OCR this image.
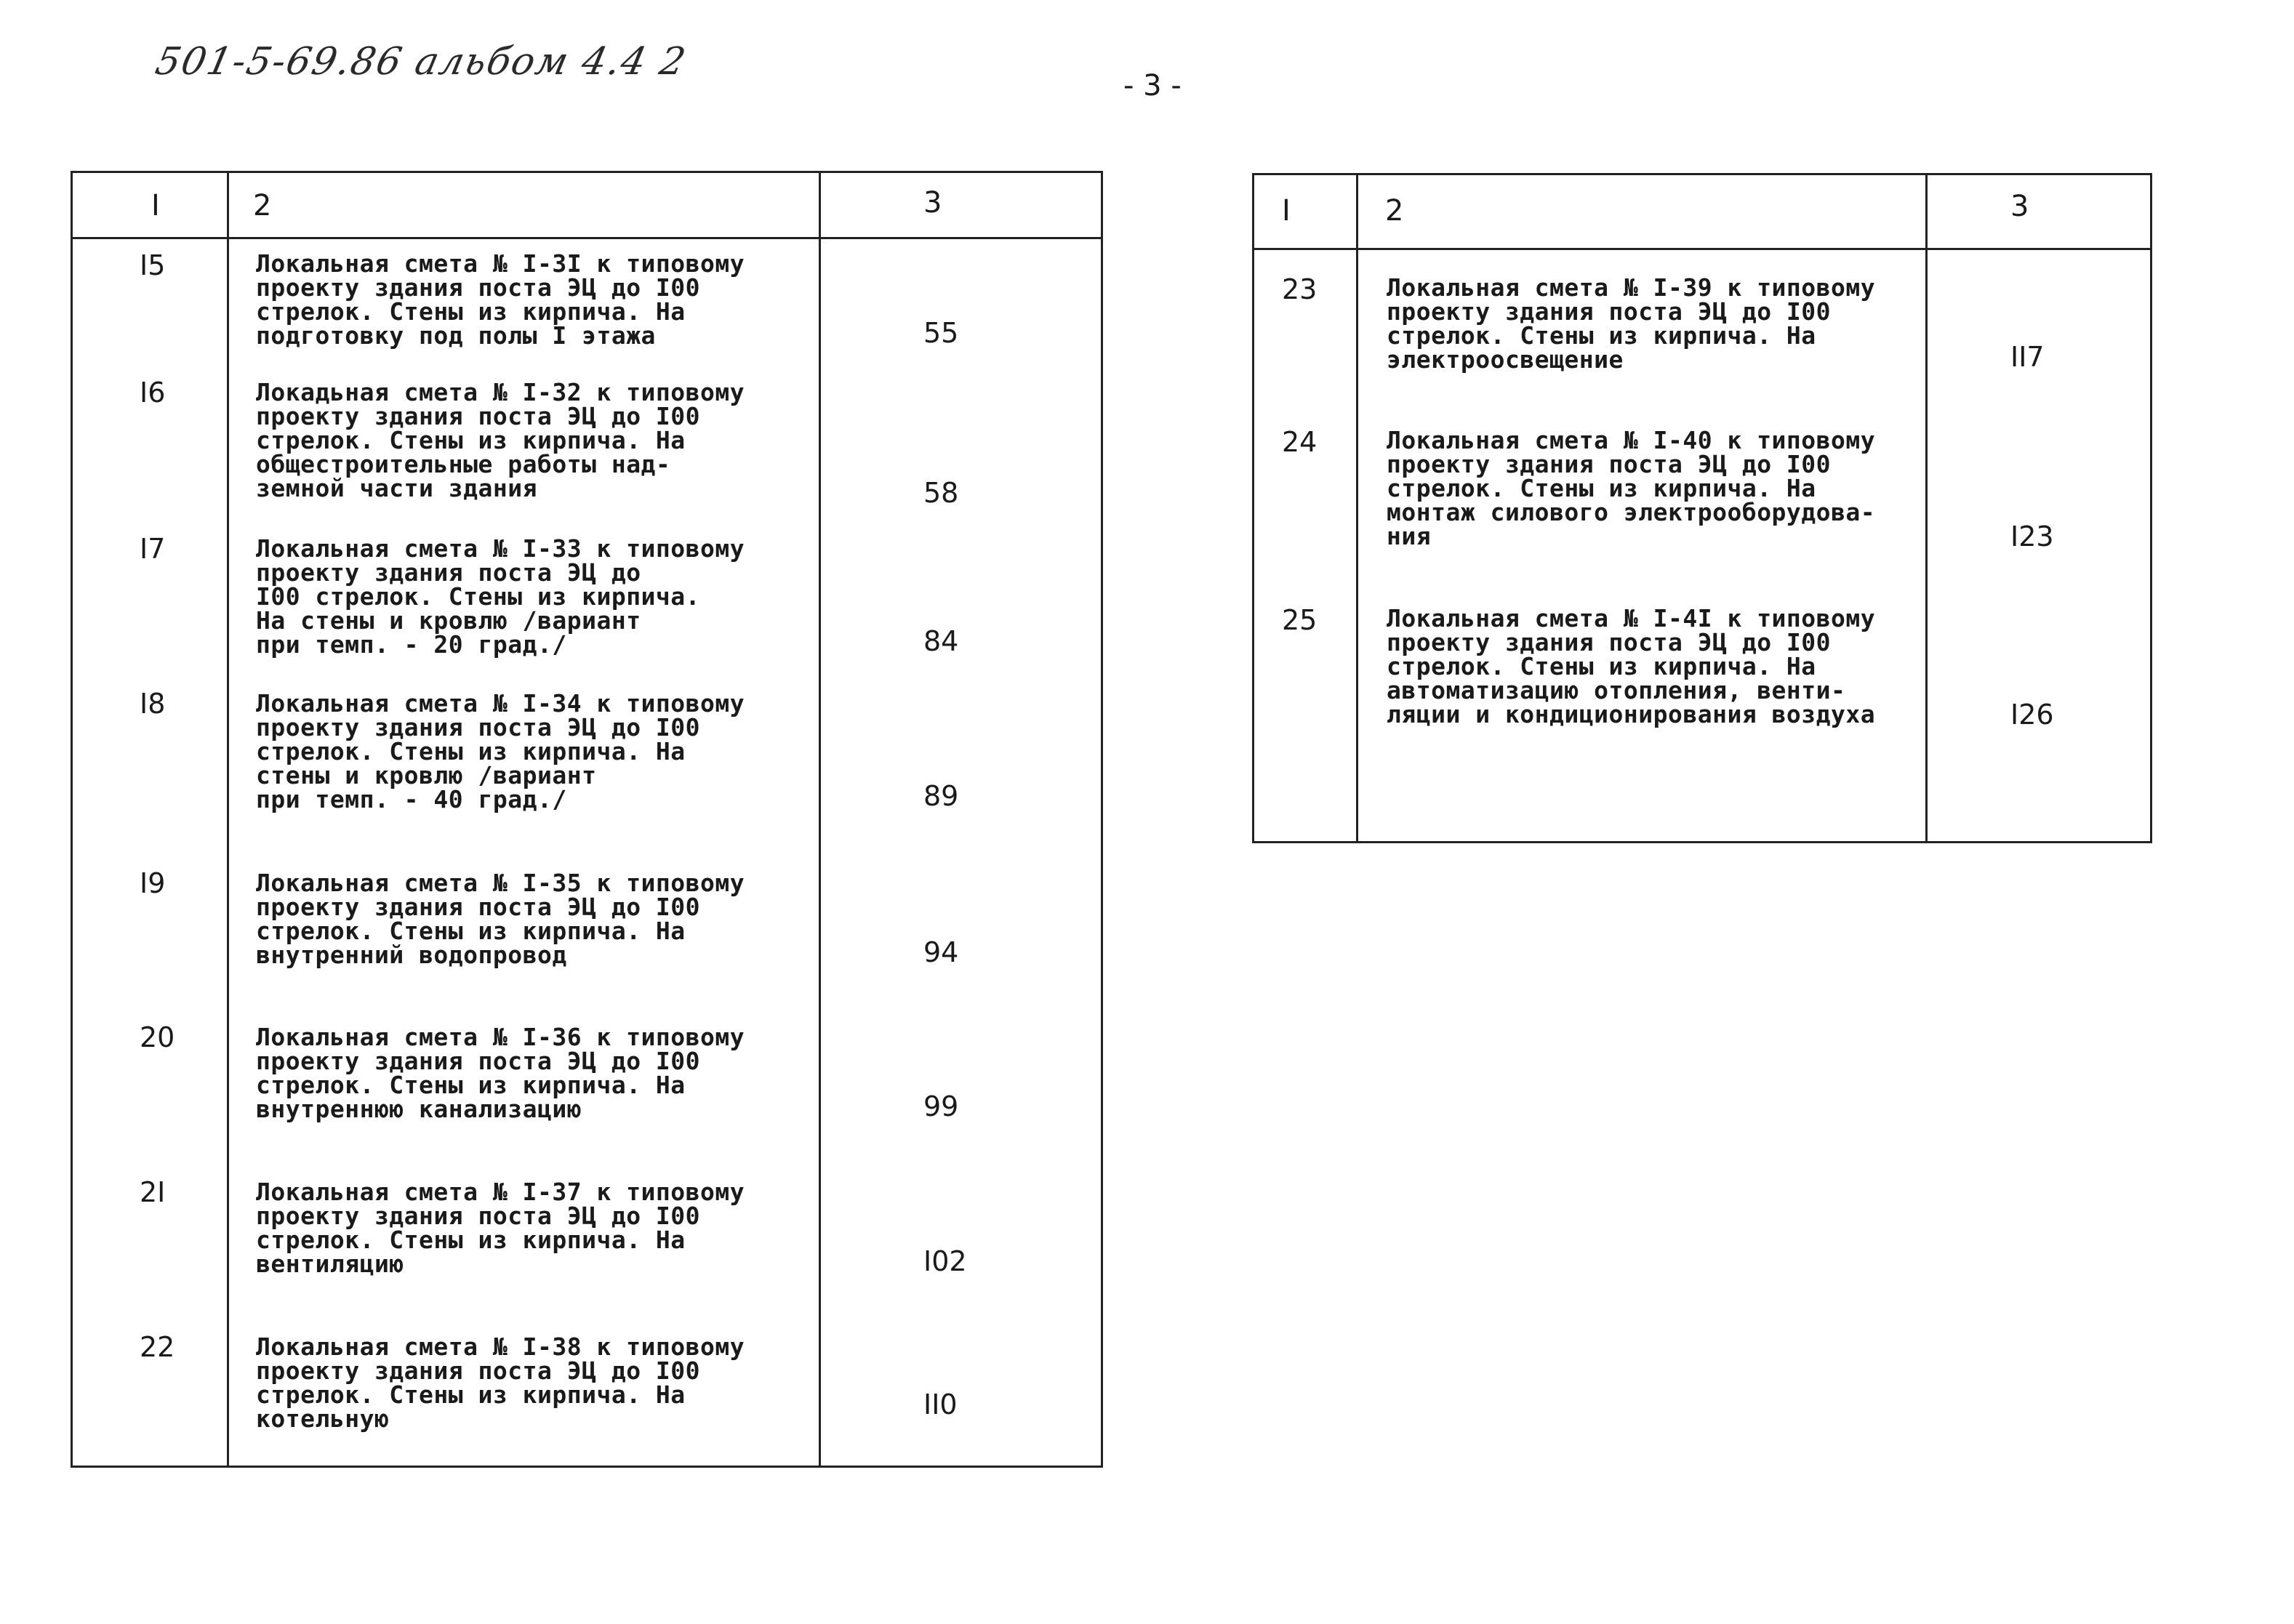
501-5-69.86 альбом 4.4 2
- 3 -
I	2	3
I5	Локальная смета № I-3I к типовому
проекту здания поста ЭЦ до I00
стрелок. Стены из кирпича. На
подготовку под полы I этажа	55
I6	Локадьная смета № I-32 к типовому
проекту здания поста ЭЦ до I00
стрелок. Стены из кирпича. На
общестроительные работы над-
земной части здания	58
I7	Локальная смета № I-33 к типовому
проекту здания поста ЭЦ до
I00 стрелок. Стены из кирпича.
На стены и кровлю /вариант
при темп. - 20 град./	84
I8	Локальная смета № I-34 к типовому
проекту здания поста ЭЦ до I00
стрелок. Стены из кирпича. На
стены и кровлю /вариант
при темп. - 40 град./	89
I9	Локальная смета № I-35 к типовому
проекту здания поста ЭЦ до I00
стрелок. Стены из кирпича. На
внутренний водопровод	94
20	Локальная смета № I-36 к типовому
проекту здания поста ЭЦ до I00
стрелок. Стены из кирпича. На
внутреннюю канализацию	99
2I	Локальная смета № I-37 к типовому
проекту здания поста ЭЦ до I00
стрелок. Стены из кирпича. На
вентиляцию	I02
22	Локальная смета № I-38 к типовому
проекту здания поста ЭЦ до I00
стрелок. Стены из кирпича. На
котельную	II0
I	2	3
23	Локальная смета № I-39 к типовому
проекту здания поста ЭЦ до I00
стрелок. Стены из кирпича. На
электроосвещение	II7
24	Локальная смета № I-40 к типовому
проекту здания поста ЭЦ до I00
стрелок. Стены из кирпича. На
монтаж силового электрооборудова-
ния	I23
25	Локальная смета № I-4I к типовому
проекту здания поста ЭЦ до I00
стрелок. Стены из кирпича. На
автоматизацию отопления, венти-
ляции и кондиционирования воздуха	I26
